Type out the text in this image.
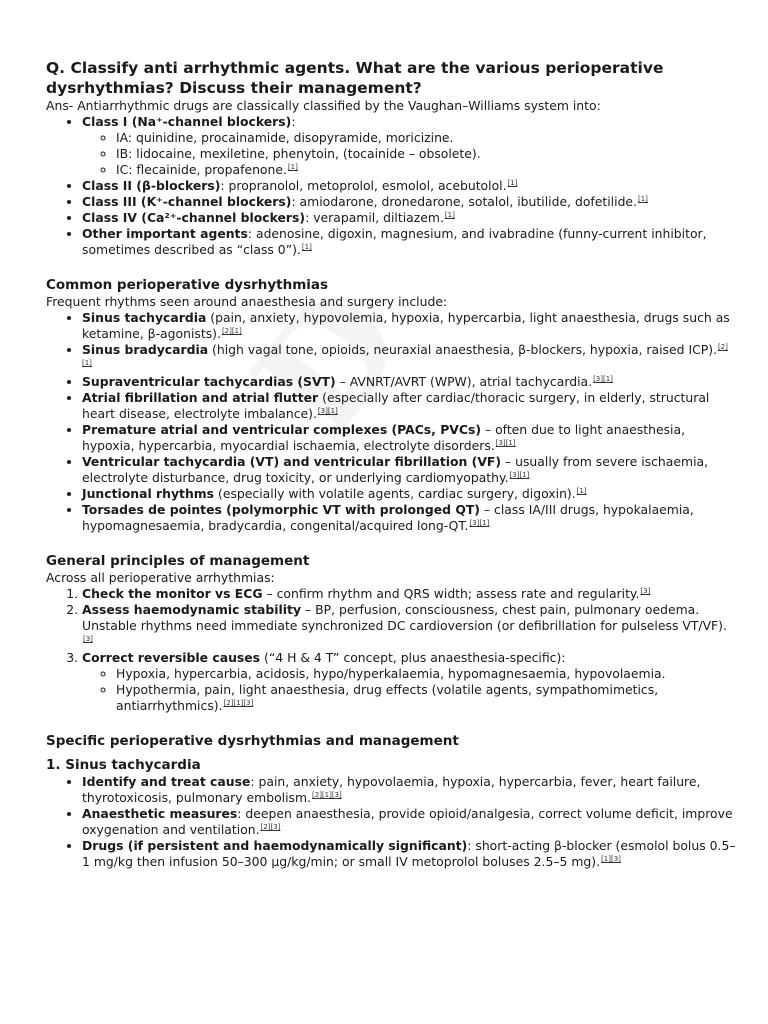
Q. Classify anti arrhythmic agents. What are the various perioperative dysrhythmias? Discuss their management?

Ans- Antiarrhythmic drugs are classically classified by the Vaughan–Williams system into:

• Class I (Na⁺-channel blockers):
◦ IA: quinidine, procainamide, disopyramide, moricizine.
◦ IB: lidocaine, mexiletine, phenytoin, (tocainide – obsolete).
◦ IC: flecainide, propafenone.[1]
• Class II (β-blockers): propranolol, metoprolol, esmolol, acebutolol.[1]
• Class III (K⁺-channel blockers): amiodarone, dronedarone, sotalol, ibutilide, dofetilide.[1]
• Class IV (Ca²⁺-channel blockers): verapamil, diltiazem.[1]
• Other important agents: adenosine, digoxin, magnesium, and ivabradine (funny-current inhibitor, sometimes described as “class 0”).[1]
Common perioperative dysrhythmias

Frequent rhythms seen around anaesthesia and surgery include:

• Sinus tachycardia (pain, anxiety, hypovolemia, hypoxia, hypercarbia, light anaesthesia, drugs such as ketamine, β-agonists).[2][1]
• Sinus bradycardia (high vagal tone, opioids, neuraxial anaesthesia, β-blockers, hypoxia, raised ICP).[2][1]
• Supraventricular tachycardias (SVT) – AVNRT/AVRT (WPW), atrial tachycardia.[3][1]
• Atrial fibrillation and atrial flutter (especially after cardiac/thoracic surgery, in elderly, structural heart disease, electrolyte imbalance).[3][1]
• Premature atrial and ventricular complexes (PACs, PVCs) – often due to light anaesthesia, hypoxia, hypercarbia, myocardial ischaemia, electrolyte disorders.[3][1]
• Ventricular tachycardia (VT) and ventricular fibrillation (VF) – usually from severe ischaemia, electrolyte disturbance, drug toxicity, or underlying cardiomyopathy.[3][1]
• Junctional rhythms (especially with volatile agents, cardiac surgery, digoxin).[1]
• Torsades de pointes (polymorphic VT with prolonged QT) – class IA/III drugs, hypokalaemia, hypomagnesaemia, bradycardia, congenital/acquired long-QT.[3][1]
General principles of management

Across all perioperative arrhythmias:

1. Check the monitor vs ECG – confirm rhythm and QRS width; assess rate and regularity.[3]
2. Assess haemodynamic stability – BP, perfusion, consciousness, chest pain, pulmonary oedema. Unstable rhythms need immediate synchronized DC cardioversion (or defibrillation for pulseless VT/VF).[3]
3. Correct reversible causes (“4 H & 4 T” concept, plus anaesthesia-specific):
◦ Hypoxia, hypercarbia, acidosis, hypo/hyperkalaemia, hypomagnesaemia, hypovolaemia.
◦ Hypothermia, pain, light anaesthesia, drug effects (volatile agents, sympathomimetics, antiarrhythmics).[2][1][3]
Specific perioperative dysrhythmias and management
1. Sinus tachycardia
• Identify and treat cause: pain, anxiety, hypovolaemia, hypoxia, hypercarbia, fever, heart failure, thyrotoxicosis, pulmonary embolism.[2][1][3]
• Anaesthetic measures: deepen anaesthesia, provide opioid/analgesia, correct volume deficit, improve oxygenation and ventilation.[2][3]
• Drugs (if persistent and haemodynamically significant): short-acting β-blocker (esmolol bolus 0.5–1 mg/kg then infusion 50–300 μg/kg/min; or small IV metoprolol boluses 2.5–5 mg).[1][3]
